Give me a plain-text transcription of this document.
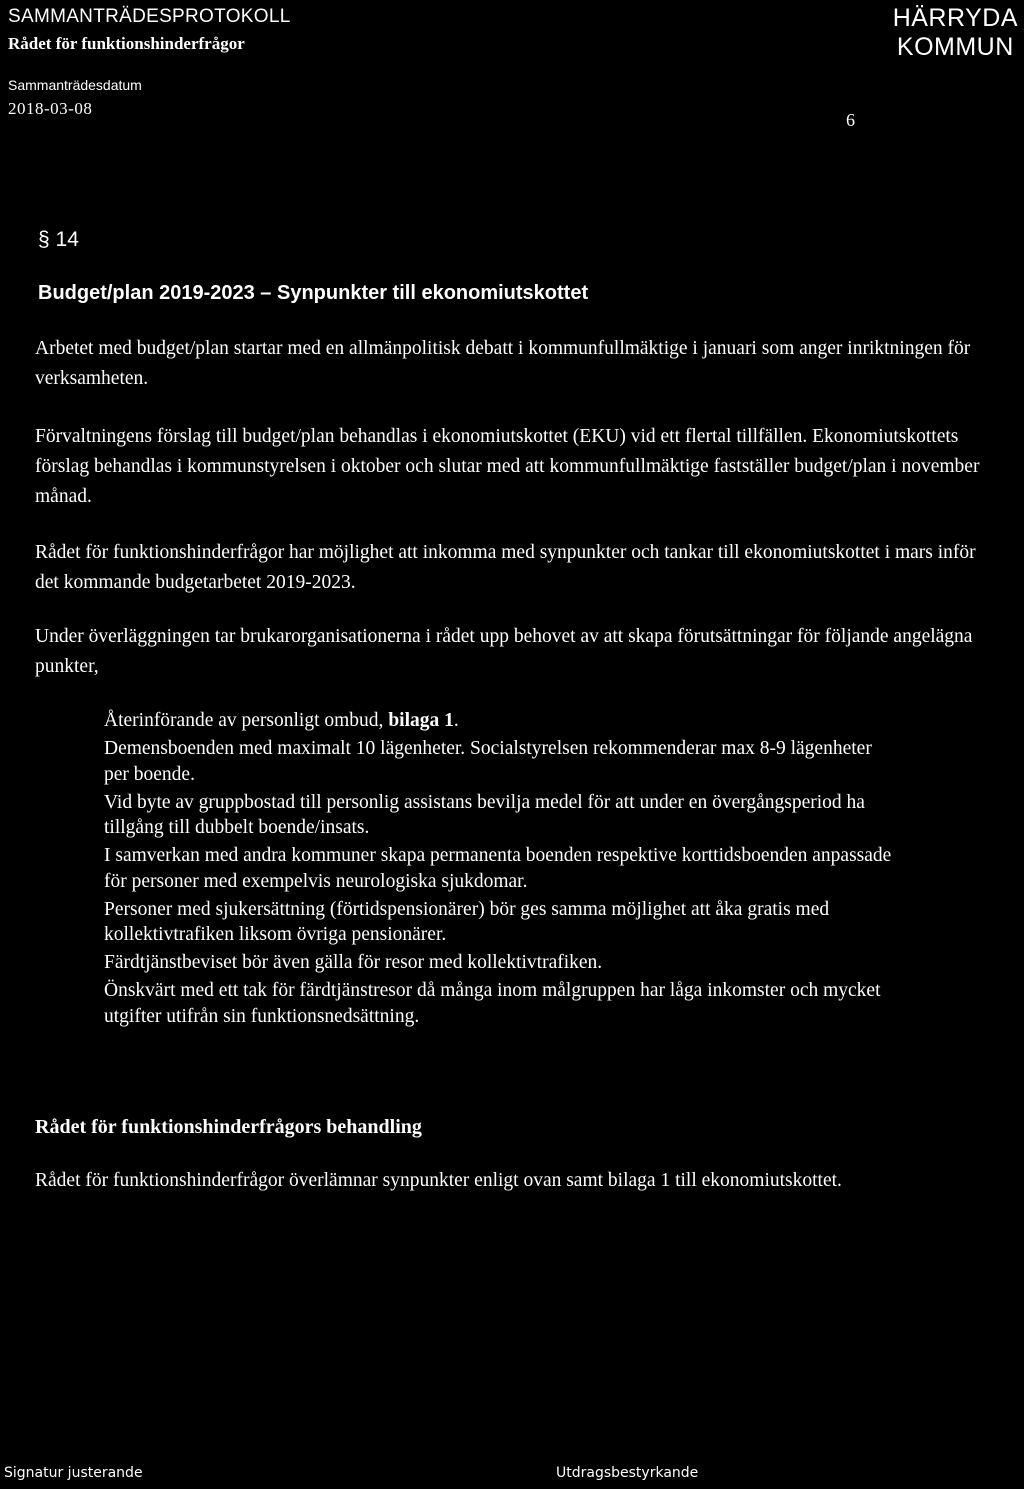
SAMMANTRÄDESPROTOKOLL
Rådet för funktionshinderfrågor
Sammanträdesdatum
2018-03-08
6
HÄRRYDA
KOMMUN
§ 14
Budget/plan 2019-2023 – Synpunkter till ekonomiutskottet

Arbetet med budget/plan startar med en allmänpolitisk debatt i kommunfullmäktige i januari som anger inriktningen för verksamheten.

Förvaltningens förslag till budget/plan behandlas i ekonomiutskottet (EKU) vid ett flertal tillfällen. Ekonomiutskottets förslag behandlas i kommunstyrelsen i oktober och slutar med att kommunfullmäktige fastställer budget/plan i november månad.

Rådet för funktionshinderfrågor har möjlighet att inkomma med synpunkter och tankar till ekonomiutskottet i mars inför det kommande budgetarbetet 2019-2023.

Under överläggningen tar brukarorganisationerna i rådet upp behovet av att skapa förutsättningar för följande angelägna punkter,

Återinförande av personligt ombud, bilaga 1.
Demensboenden med maximalt 10 lägenheter. Socialstyrelsen rekommenderar max 8-9 lägenheter per boende.
Vid byte av gruppbostad till personlig assistans bevilja medel för att under en övergångsperiod ha tillgång till dubbelt boende/insats.
I samverkan med andra kommuner skapa permanenta boenden respektive korttidsboenden anpassade för personer med exempelvis neurologiska sjukdomar.
Personer med sjukersättning (förtidspensionärer) bör ges samma möjlighet att åka gratis med kollektivtrafiken liksom övriga pensionärer.
Färdtjänstbeviset bör även gälla för resor med kollektivtrafiken.
Önskvärt med ett tak för färdtjänstresor då många inom målgruppen har låga inkomster och mycket utgifter utifrån sin funktionsnedsättning.
Rådet för funktionshinderfrågors behandling

Rådet för funktionshinderfrågor överlämnar synpunkter enligt ovan samt bilaga 1 till ekonomiutskottet.

Signatur justerande	Utdragsbestyrkande
